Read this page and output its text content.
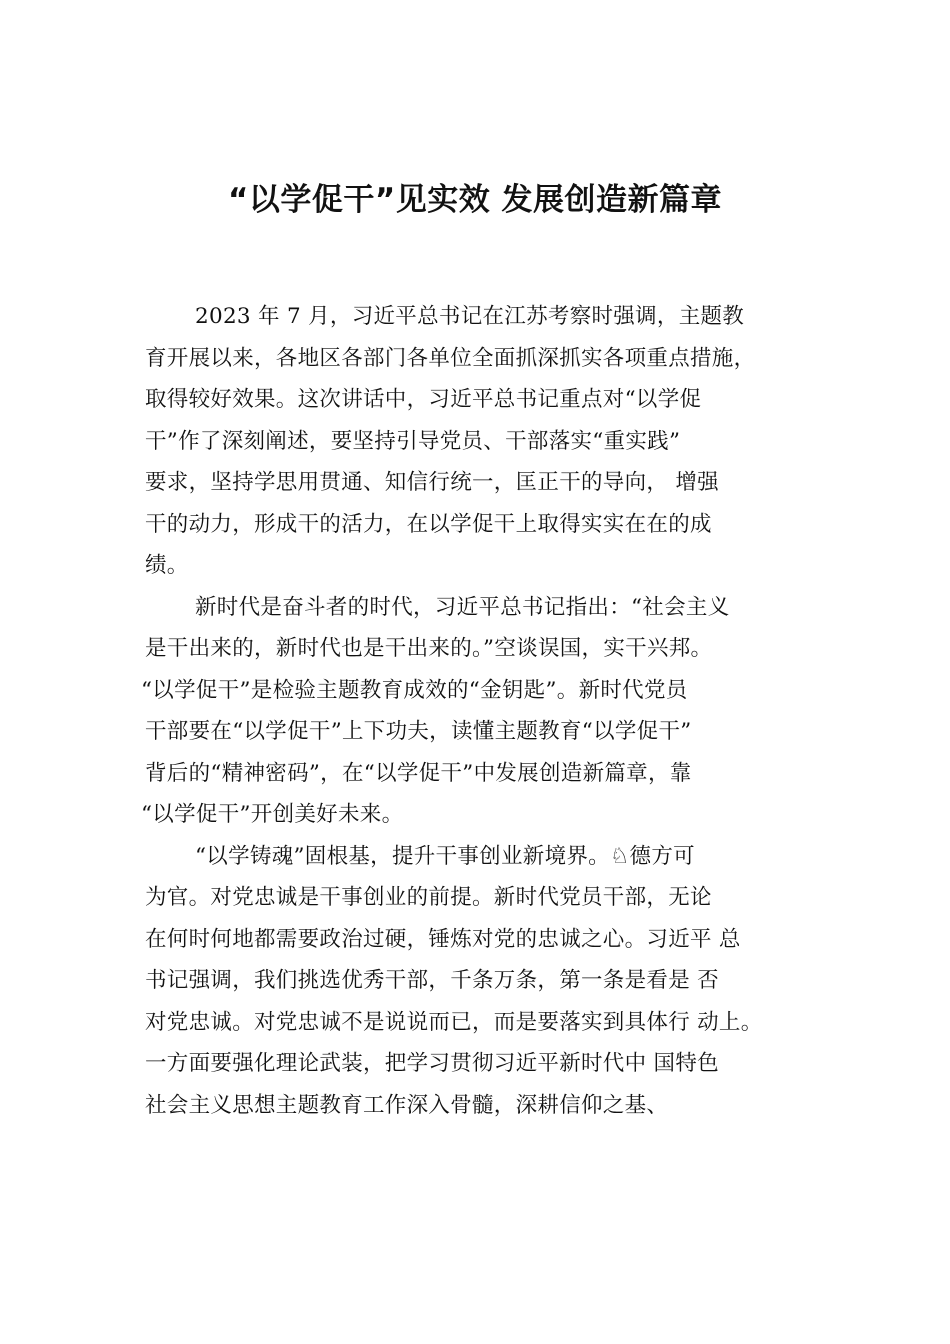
“以学促干”见实效 发展创造新篇章
2023 年 7 月，习近平总书记在江苏考察时强调，主题教
育开展以来，各地区各部门各单位全面抓深抓实各项重点措施，
取得较好效果。这次讲话中，习近平总书记重点对“以学促
干”作了深刻阐述，要坚持引导党员、干部落实“重实践”
要求，坚持学思用贯通、知信行统一，匡正干的导向， 增强
干的动力，形成干的活力，在以学促干上取得实实在在的成
绩。
新时代是奋斗者的时代，习近平总书记指出：“社会主义
是干出来的，新时代也是干出来的。”空谈误国，实干兴邦。
“以学促干”是检验主题教育成效的“金钥匙”。新时代党员
干部要在“以学促干”上下功夫，读懂主题教育“以学促干”
背后的“精神密码”，在“以学促干”中发展创造新篇章，靠
“以学促干”开创美好未来。
“以学铸魂”固根基，提升干事创业新境界。♘德方可
为官。对党忠诚是干事创业的前提。新时代党员干部，无论
在何时何地都需要政治过硬，锤炼对党的忠诚之心。习近平 总
书记强调，我们挑选优秀干部，千条万条，第一条是看是 否
对党忠诚。对党忠诚不是说说而已，而是要落实到具体行 动上。
一方面要强化理论武装，把学习贯彻习近平新时代中 国特色
社会主义思想主题教育工作深入骨髓，深耕信仰之基、
